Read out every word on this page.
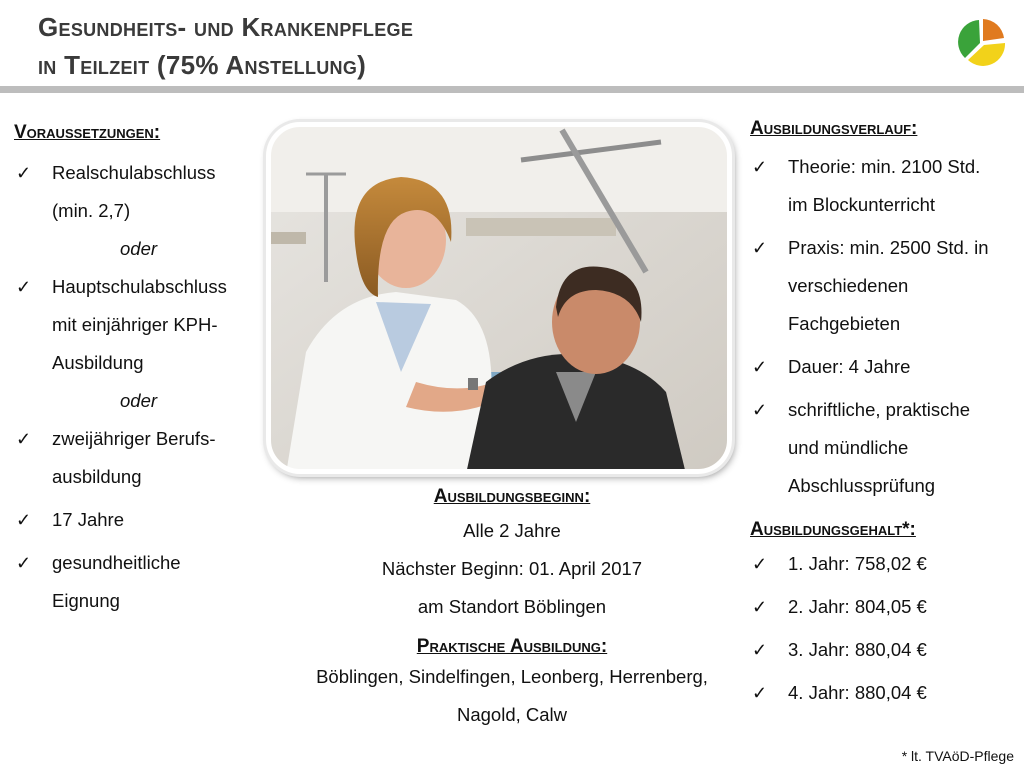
Gesundheits- und Krankenpflege
in Teilzeit (75% Anstellung)
Voraussetzungen:
✓ Realschulabschluss
(min. 2,7)
oder
✓ Hauptschulabschluss
mit einjähriger KPH-
Ausbildung
oder
✓ zweijähriger Berufs-
ausbildung
✓ 17 Jahre
✓ gesundheitliche
Eignung
Ausbildungsbeginn:
Alle 2 Jahre
Nächster Beginn: 01. April 2017
am Standort Böblingen
Praktische Ausbildung:
Böblingen, Sindelfingen, Leonberg, Herrenberg,
Nagold, Calw
Ausbildungsverlauf:
✓ Theorie: min. 2100 Std.
im Blockunterricht
✓ Praxis: min. 2500 Std. in
verschiedenen
Fachgebieten
✓ Dauer: 4 Jahre
✓ schriftliche, praktische
und mündliche
Abschlussprüfung
Ausbildungsgehalt*:
✓ 1. Jahr: 758,02 €
✓ 2. Jahr: 804,05 €
✓ 3. Jahr: 880,04 €
✓ 4. Jahr: 880,04 €
* lt. TVAöD-Pflege
